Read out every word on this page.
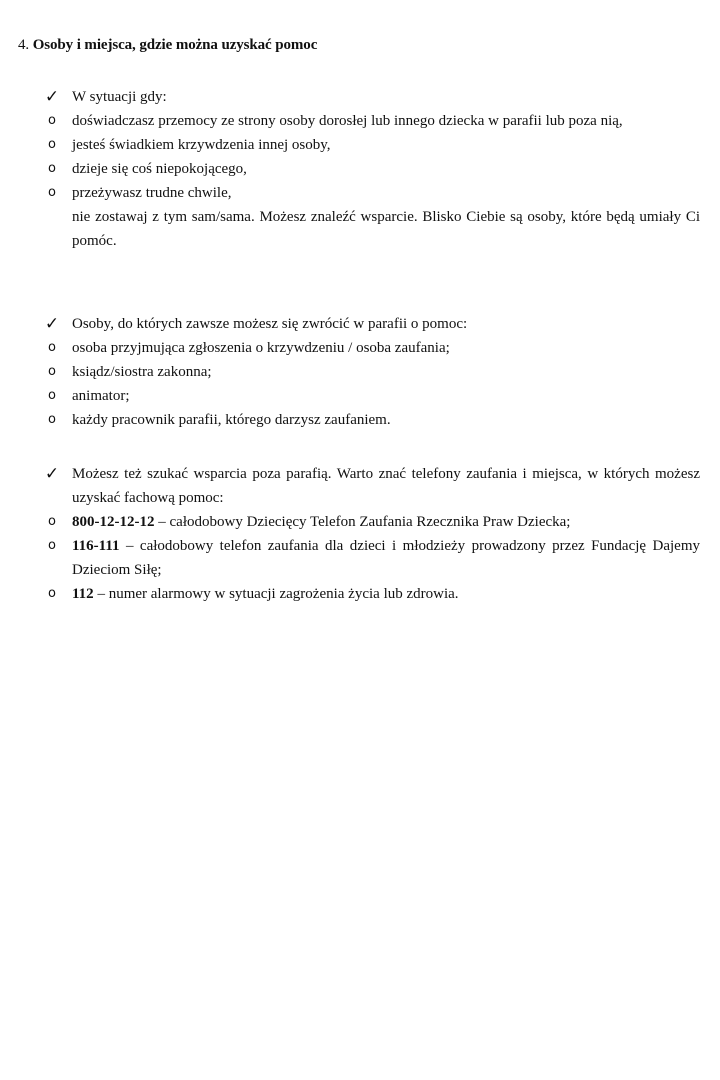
4. Osoby i miejsca, gdzie można uzyskać pomoc
✓ W sytuacji gdy:
o	doświadczasz przemocy ze strony osoby dorosłej lub innego dziecka w parafii lub poza nią,
o	jesteś świadkiem krzywdzenia innej osoby,
o	dzieje się coś niepokojącego,
o	przeżywasz trudne chwile,
nie zostawaj z tym sam/sama. Możesz znaleźć wsparcie. Blisko Ciebie są osoby, które będą umiały Ci pomóc.
✓ Osoby, do których zawsze możesz się zwrócić w parafii o pomoc:
o	osoba przyjmująca zgłoszenia o krzywdzeniu / osoba zaufania;
o	ksiądz/siostra zakonna;
o	animator;
o	każdy pracownik parafii, którego darzysz zaufaniem.
✓ Możesz też szukać wsparcia poza parafią. Warto znać telefony zaufania i miejsca, w których możesz uzyskać fachową pomoc:
o	800-12-12-12 – całodobowy Dziecięcy Telefon Zaufania Rzecznika Praw Dziecka;
o	116-111 – całodobowy telefon zaufania dla dzieci i młodzieży prowadzony przez Fundację Dajemy Dzieciom Siłę;
o	112 – numer alarmowy w sytuacji zagrożenia życia lub zdrowia.
